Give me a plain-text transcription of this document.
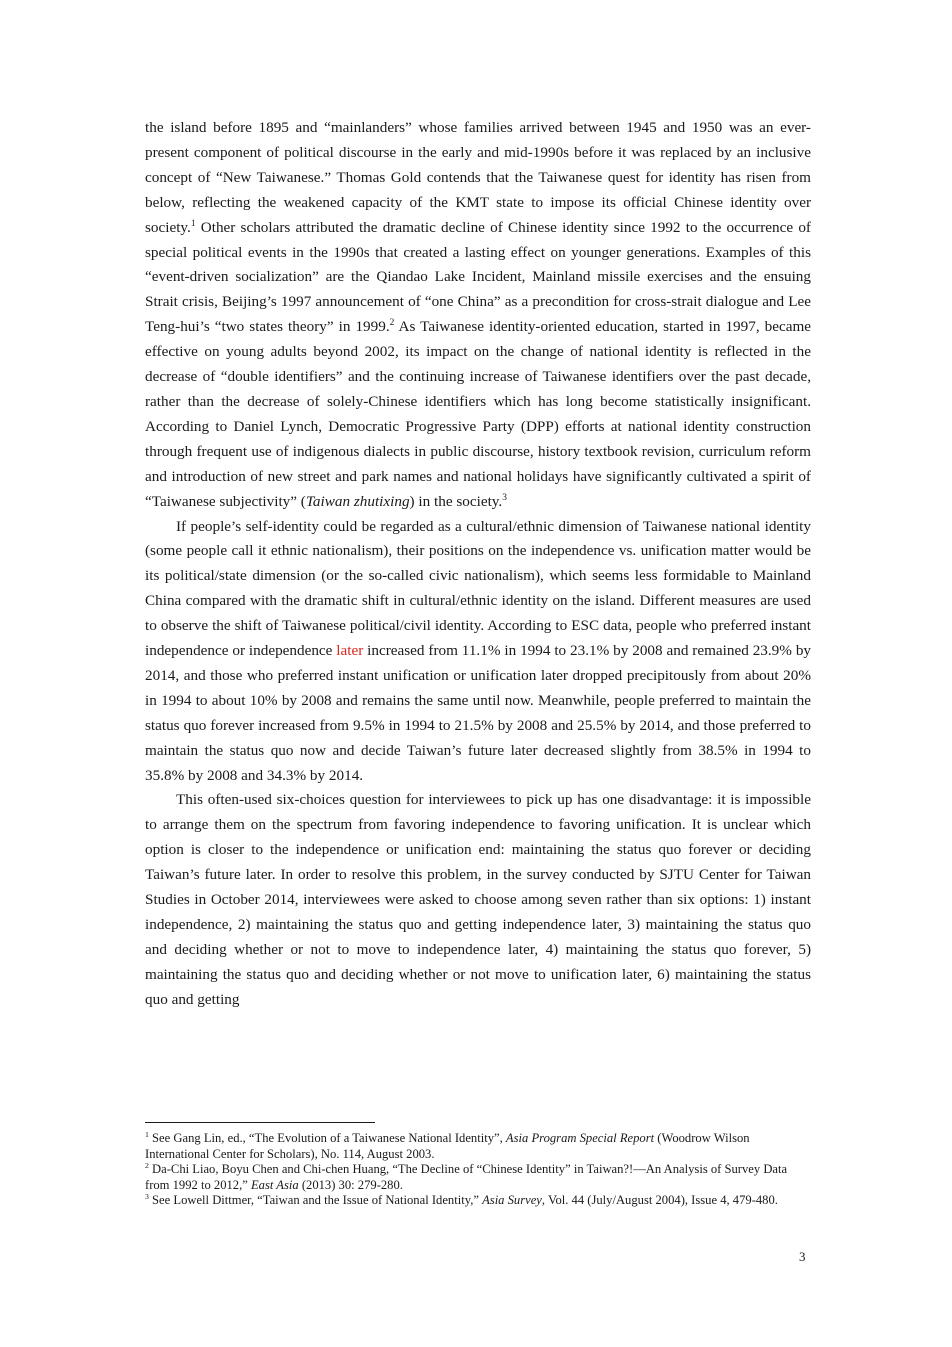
the island before 1895 and “mainlanders” whose families arrived between 1945 and 1950 was an ever-present component of political discourse in the early and mid-1990s before it was replaced by an inclusive concept of “New Taiwanese.” Thomas Gold contends that the Taiwanese quest for identity has risen from below, reflecting the weakened capacity of the KMT state to impose its official Chinese identity over society.$^1$ Other scholars attributed the dramatic decline of Chinese identity since 1992 to the occurrence of special political events in the 1990s that created a lasting effect on younger generations. Examples of this “event-driven socialization” are the Qiandao Lake Incident, Mainland missile exercises and the ensuing Strait crisis, Beijing’s 1997 announcement of “one China” as a precondition for cross-strait dialogue and Lee Teng-hui’s “two states theory” in 1999.$^2$ As Taiwanese identity-oriented education, started in 1997, became effective on young adults beyond 2002, its impact on the change of national identity is reflected in the decrease of “double identifiers” and the continuing increase of Taiwanese identifiers over the past decade, rather than the decrease of solely-Chinese identifiers which has long become statistically insignificant. According to Daniel Lynch, Democratic Progressive Party (DPP) efforts at national identity construction through frequent use of indigenous dialects in public discourse, history textbook revision, curriculum reform and introduction of new street and park names and national holidays have significantly cultivated a spirit of “Taiwanese subjectivity” (Taiwan zhutixing) in the society.$^3$

If people’s self-identity could be regarded as a cultural/ethnic dimension of Taiwanese national identity (some people call it ethnic nationalism), their positions on the independence vs. unification matter would be its political/state dimension (or the so-called civic nationalism), which seems less formidable to Mainland China compared with the dramatic shift in cultural/ethnic identity on the island. Different measures are used to observe the shift of Taiwanese political/civil identity. According to ESC data, people who preferred instant independence or independence later increased from 11.1% in 1994 to 23.1% by 2008 and remained 23.9% by 2014, and those who preferred instant unification or unification later dropped precipitously from about 20% in 1994 to about 10% by 2008 and remains the same until now. Meanwhile, people preferred to maintain the status quo forever increased from 9.5% in 1994 to 21.5% by 2008 and 25.5% by 2014, and those preferred to maintain the status quo now and decide Taiwan’s future later decreased slightly from 38.5% in 1994 to 35.8% by 2008 and 34.3% by 2014.

This often-used six-choices question for interviewees to pick up has one disadvantage: it is impossible to arrange them on the spectrum from favoring independence to favoring unification. It is unclear which option is closer to the independence or unification end: maintaining the status quo forever or deciding Taiwan’s future later. In order to resolve this problem, in the survey conducted by SJTU Center for Taiwan Studies in October 2014, interviewees were asked to choose among seven rather than six options: 1) instant independence, 2) maintaining the status quo and getting independence later, 3) maintaining the status quo and deciding whether or not to move to independence later, 4) maintaining the status quo forever, 5) maintaining the status quo and deciding whether or not move to unification later, 6) maintaining the status quo and getting

$^1$ See Gang Lin, ed., “The Evolution of a Taiwanese National Identity”, Asia Program Special Report (Woodrow Wilson International Center for Scholars), No. 114, August 2003.

$^2$ Da-Chi Liao, Boyu Chen and Chi-chen Huang, “The Decline of “Chinese Identity” in Taiwan?!—An Analysis of Survey Data from 1992 to 2012,” East Asia (2013) 30: 279-280.

$^3$ See Lowell Dittmer, “Taiwan and the Issue of National Identity,” Asia Survey, Vol. 44 (July/August 2004), Issue 4, 479-480.

3
